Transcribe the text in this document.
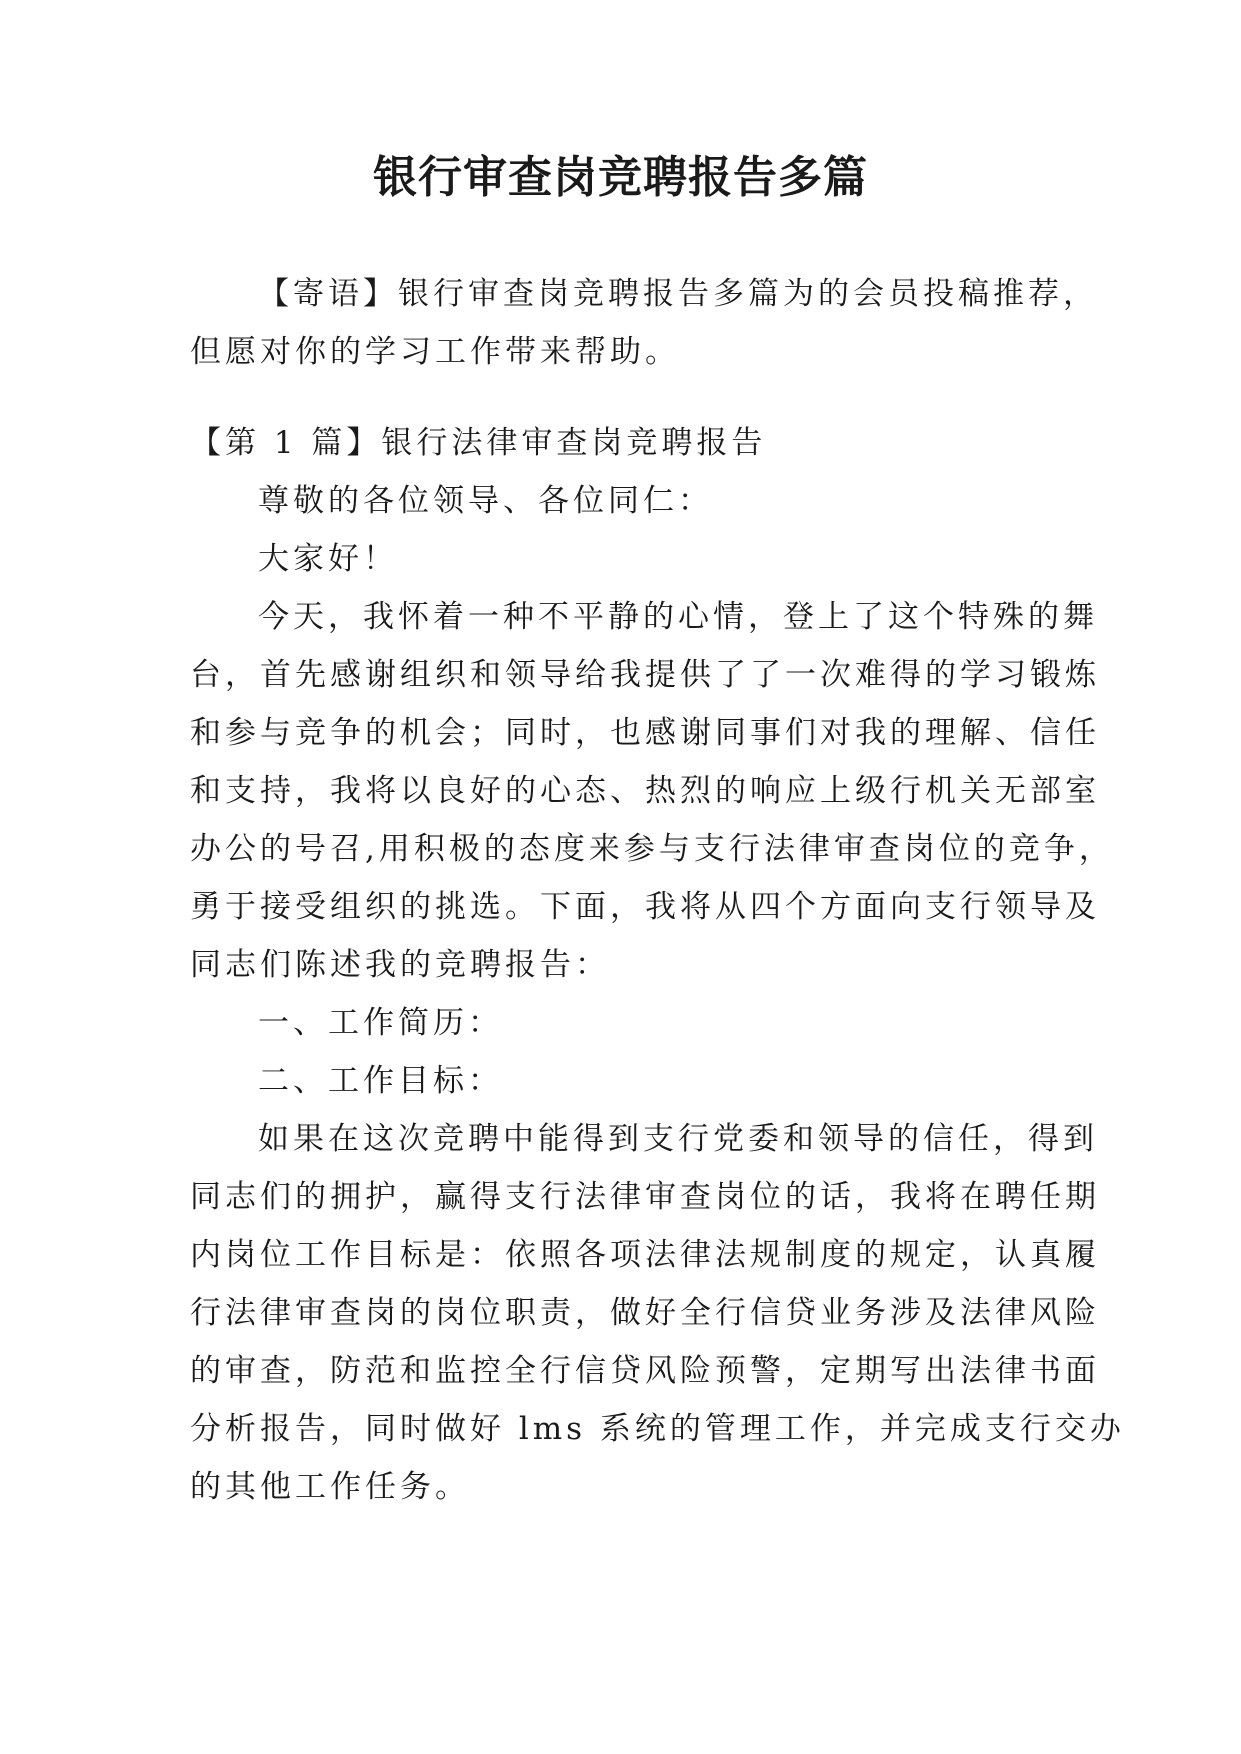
银行审查岗竞聘报告多篇
【寄语】银行审查岗竞聘报告多篇为的会员投稿推荐，
但愿对你的学习工作带来帮助。
【第 1 篇】银行法律审查岗竞聘报告
尊敬的各位领导、各位同仁：
大家好！
今天，我怀着一种不平静的心情，登上了这个特殊的舞
台，首先感谢组织和领导给我提供了了一次难得的学习锻炼
和参与竞争的机会；同时，也感谢同事们对我的理解、信任
和支持，我将以良好的心态、热烈的响应上级行机关无部室
办公的号召,用积极的态度来参与支行法律审查岗位的竞争，
勇于接受组织的挑选。下面，我将从四个方面向支行领导及
同志们陈述我的竞聘报告：
一、工作简历：
二、工作目标：
如果在这次竞聘中能得到支行党委和领导的信任，得到
同志们的拥护，赢得支行法律审查岗位的话，我将在聘任期
内岗位工作目标是：依照各项法律法规制度的规定，认真履
行法律审查岗的岗位职责，做好全行信贷业务涉及法律风险
的审查，防范和监控全行信贷风险预警，定期写出法律书面
分析报告，同时做好 lms 系统的管理工作，并完成支行交办
的其他工作任务。
